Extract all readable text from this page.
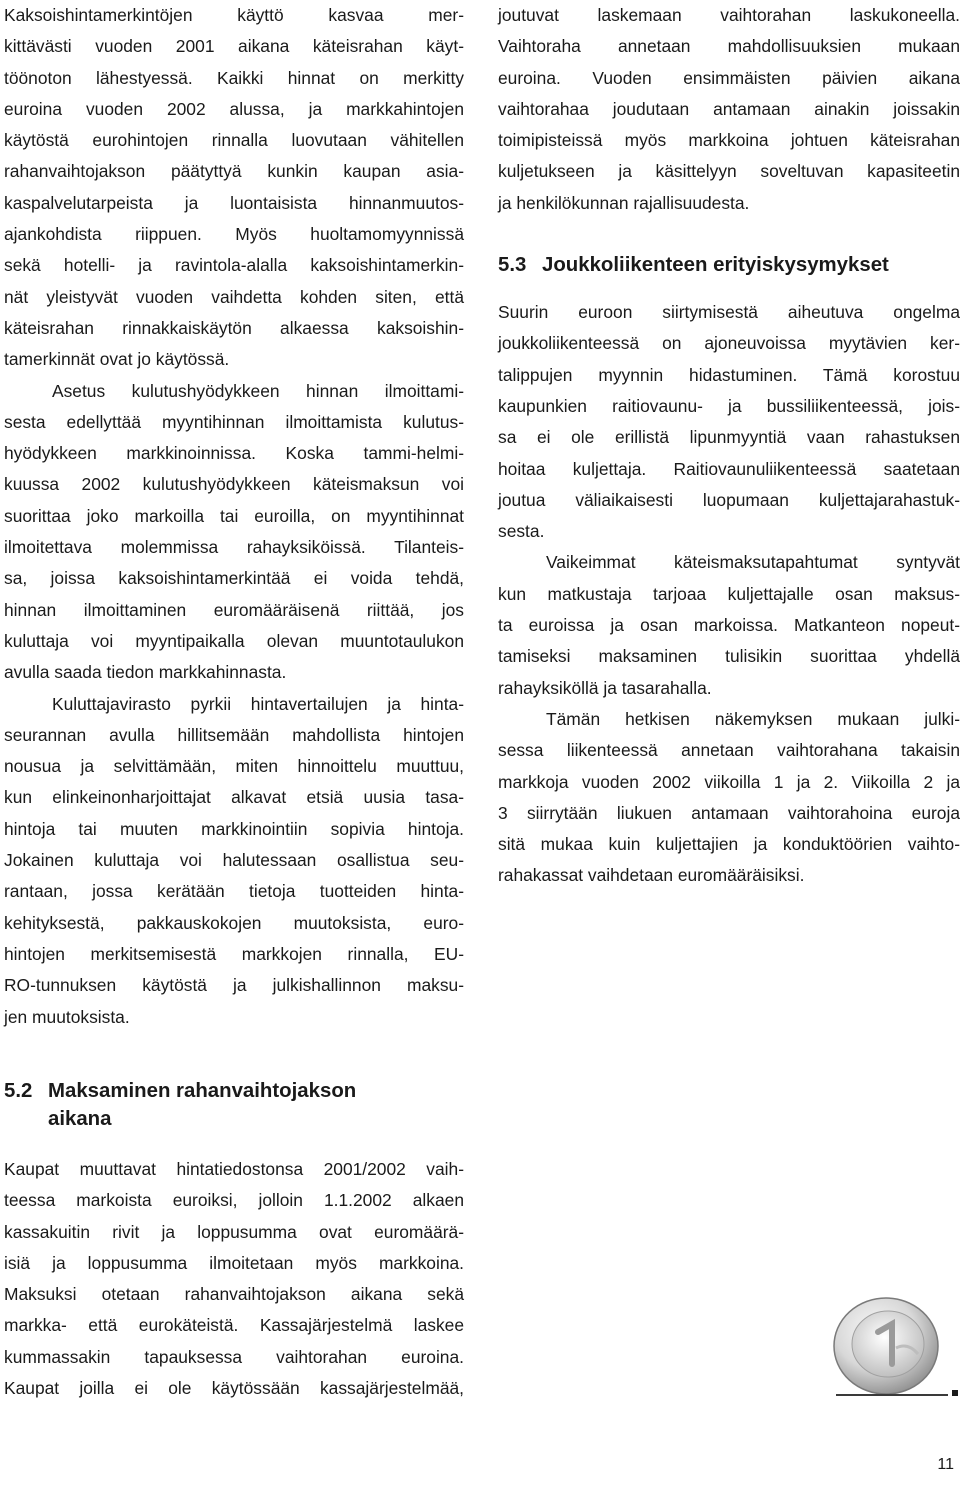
Kaksoishintamerkintöjen käyttö kasvaa mer-
kittävästi vuoden 2001 aikana käteisrahan käyt-
töönoton lähestyessä. Kaikki hinnat on merkitty
euroina vuoden 2002 alussa, ja markkahintojen
käytöstä eurohintojen rinnalla luovutaan vähitellen
rahanvaihtojakson päätyttyä kunkin kaupan asia-
kaspalvelutarpeista ja luontaisista hinnanmuutos-
ajankohdista riippuen. Myös huoltamomyynnissä
sekä hotelli- ja ravintola-alalla kaksoishintamerkin-
nät yleistyvät vuoden vaihdetta kohden siten, että
käteisrahan rinnakkaiskäytön alkaessa kaksoishin-
tamerkinnät ovat jo käytössä.
Asetus kulutushyödykkeen hinnan ilmoittami-
sesta edellyttää myyntihinnan ilmoittamista kulutus-
hyödykkeen markkinoinnissa. Koska tammi-helmi-
kuussa 2002 kulutushyödykkeen käteismaksun voi
suorittaa joko markoilla tai euroilla, on myyntihinnat
ilmoitettava molemmissa rahayksiköissä. Tilanteis-
sa, joissa kaksoishintamerkintää ei voida tehdä,
hinnan ilmoittaminen euromääräisenä riittää, jos
kuluttaja voi myyntipaikalla olevan muuntotaulukon
avulla saada tiedon markkahinnasta.
Kuluttajavirasto pyrkii hintavertailujen ja hinta-
seurannan avulla hillitsemään mahdollista hintojen
nousua ja selvittämään, miten hinnoittelu muuttuu,
kun elinkeinonharjoittajat alkavat etsiä uusia tasa-
hintoja tai muuten markkinointiin sopivia hintoja.
Jokainen kuluttaja voi halutessaan osallistua seu-
rantaan, jossa kerätään tietoja tuotteiden hinta-
kehityksestä, pakkauskokojen muutoksista, euro-
hintojen merkitsemisestä markkojen rinnalla, EU-
RO-tunnuksen käytöstä ja julkishallinnon maksu-
jen muutoksista.
5.2 Maksaminen rahanvaihtojakson
aikana
Kaupat muuttavat hintatiedostonsa 2001/2002 vaih-
teessa markoista euroiksi, jolloin 1.1.2002 alkaen
kassakuitin rivit ja loppusumma ovat euromäärä-
isiä ja loppusumma ilmoitetaan myös markkoina.
Maksuksi otetaan rahanvaihtojakson aikana sekä
markka- että eurokäteistä. Kassajärjestelmä laskee
kummassakin tapauksessa vaihtorahan euroina.
Kaupat joilla ei ole käytössään kassajärjestelmää,
joutuvat laskemaan vaihtorahan laskukoneella.
Vaihtoraha annetaan mahdollisuuksien mukaan
euroina. Vuoden ensimmäisten päivien aikana
vaihtorahaa joudutaan antamaan ainakin joissakin
toimipisteissä myös markkoina johtuen käteisrahan
kuljetukseen ja käsittelyyn soveltuvan kapasiteetin
ja henkilökunnan rajallisuudesta.
5.3 Joukkoliikenteen erityiskysymykset
Suurin euroon siirtymisestä aiheutuva ongelma
joukkoliikenteessä on ajoneuvoissa myytävien ker-
talippujen myynnin hidastuminen. Tämä korostuu
kaupunkien raitiovaunu- ja bussiliikenteessä, jois-
sa ei ole erillistä lipunmyyntiä vaan rahastuksen
hoitaa kuljettaja. Raitiovaunuliikenteessä saatetaan
joutua väliaikaisesti luopumaan kuljettajarahastuk-
sesta.
Vaikeimmat käteismaksutapahtumat syntyvät
kun matkustaja tarjoaa kuljettajalle osan maksus-
ta euroissa ja osan markoissa. Matkanteon nopeut-
tamiseksi maksaminen tulisikin suorittaa yhdellä
rahayksiköllä ja tasarahalla.
Tämän hetkisen näkemyksen mukaan julki-
sessa liikenteessä annetaan vaihtorahana takaisin
markkoja vuoden 2002 viikoilla 1 ja 2. Viikoilla 2 ja
3 siirrytään liukuen antamaan vaihtorahoina euroja
sitä mukaa kuin kuljettajien ja konduktöörien vaihto-
rahakassat vaihdetaan euromääräisiksi.
11
